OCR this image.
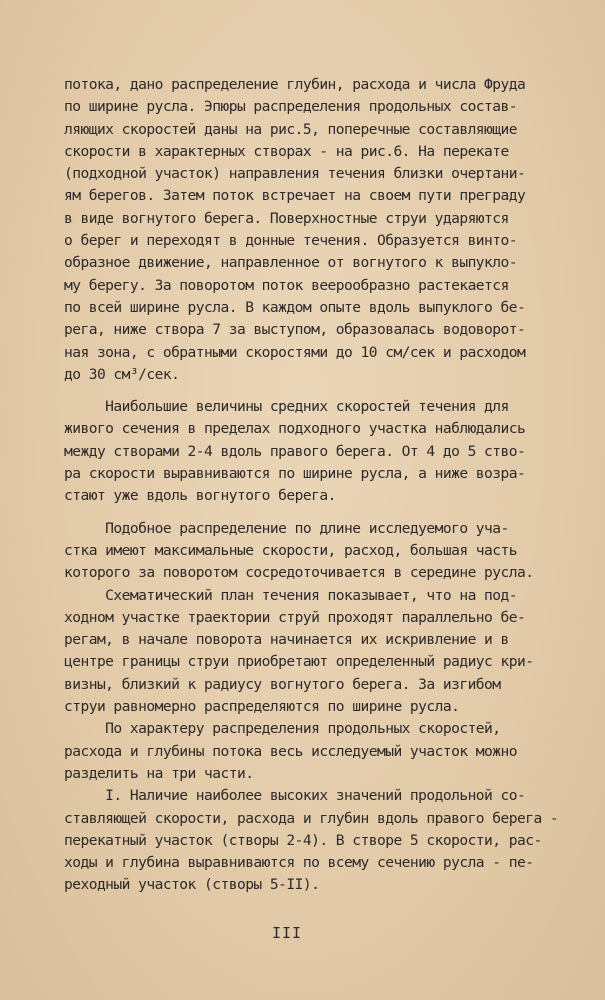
потока, дано распределение глубин, расхода и числа Фруда
по ширине русла. Эпюры распределения продольных состав-
ляющих скоростей даны на рис.5, поперечные составляющие
скорости в характерных створах - на рис.6. На перекате
(подходной участок) направления течения близки очертани-
ям берегов. Затем поток встречает на своем пути преграду
в виде вогнутого берега. Поверхностные струи ударяются
о берег и переходят в донные течения. Образуется винто-
образное движение, направленное от вогнутого к выпукло-
му берегу. За поворотом поток веерообразно растекается
по всей ширине русла. В каждом опыте вдоль выпуклого бе-
рега, ниже створа 7 за выступом, образовалась водоворот-
ная зона, с обратными скоростями до 10 см/сек и расходом
до 30 см³/сек.
Наибольшие величины средних скоростей течения для
живого сечения в пределах подходного участка наблюдались
между створами 2-4 вдоль правого берега. От 4 до 5 ство-
ра скорости выравниваются по ширине русла, а ниже возра-
стают уже вдоль вогнутого берега.
Подобное распределение по длине исследуемого уча-
стка имеют максимальные скорости, расход, большая часть
которого за поворотом сосредоточивается в середине русла.
Схематический план течения показывает, что на под-
ходном участке траектории струй проходят параллельно бе-
регам, в начале поворота начинается их искривление и в
центре границы струи приобретают определенный радиус кри-
визны, близкий к радиусу вогнутого берега. За изгибом
струи равномерно распределяются по ширине русла.
По характеру распределения продольных скоростей,
расхода и глубины потока весь исследуемый участок можно
разделить на три части.
I. Наличие наиболее высоких значений продольной со-
ставляющей скорости, расхода и глубин вдоль правого берега -
перекатный участок (створы 2-4). В створе 5 скорости, рас-
ходы и глубина выравниваются по всему сечению русла - пе-
реходный участок (створы 5-II).
III
